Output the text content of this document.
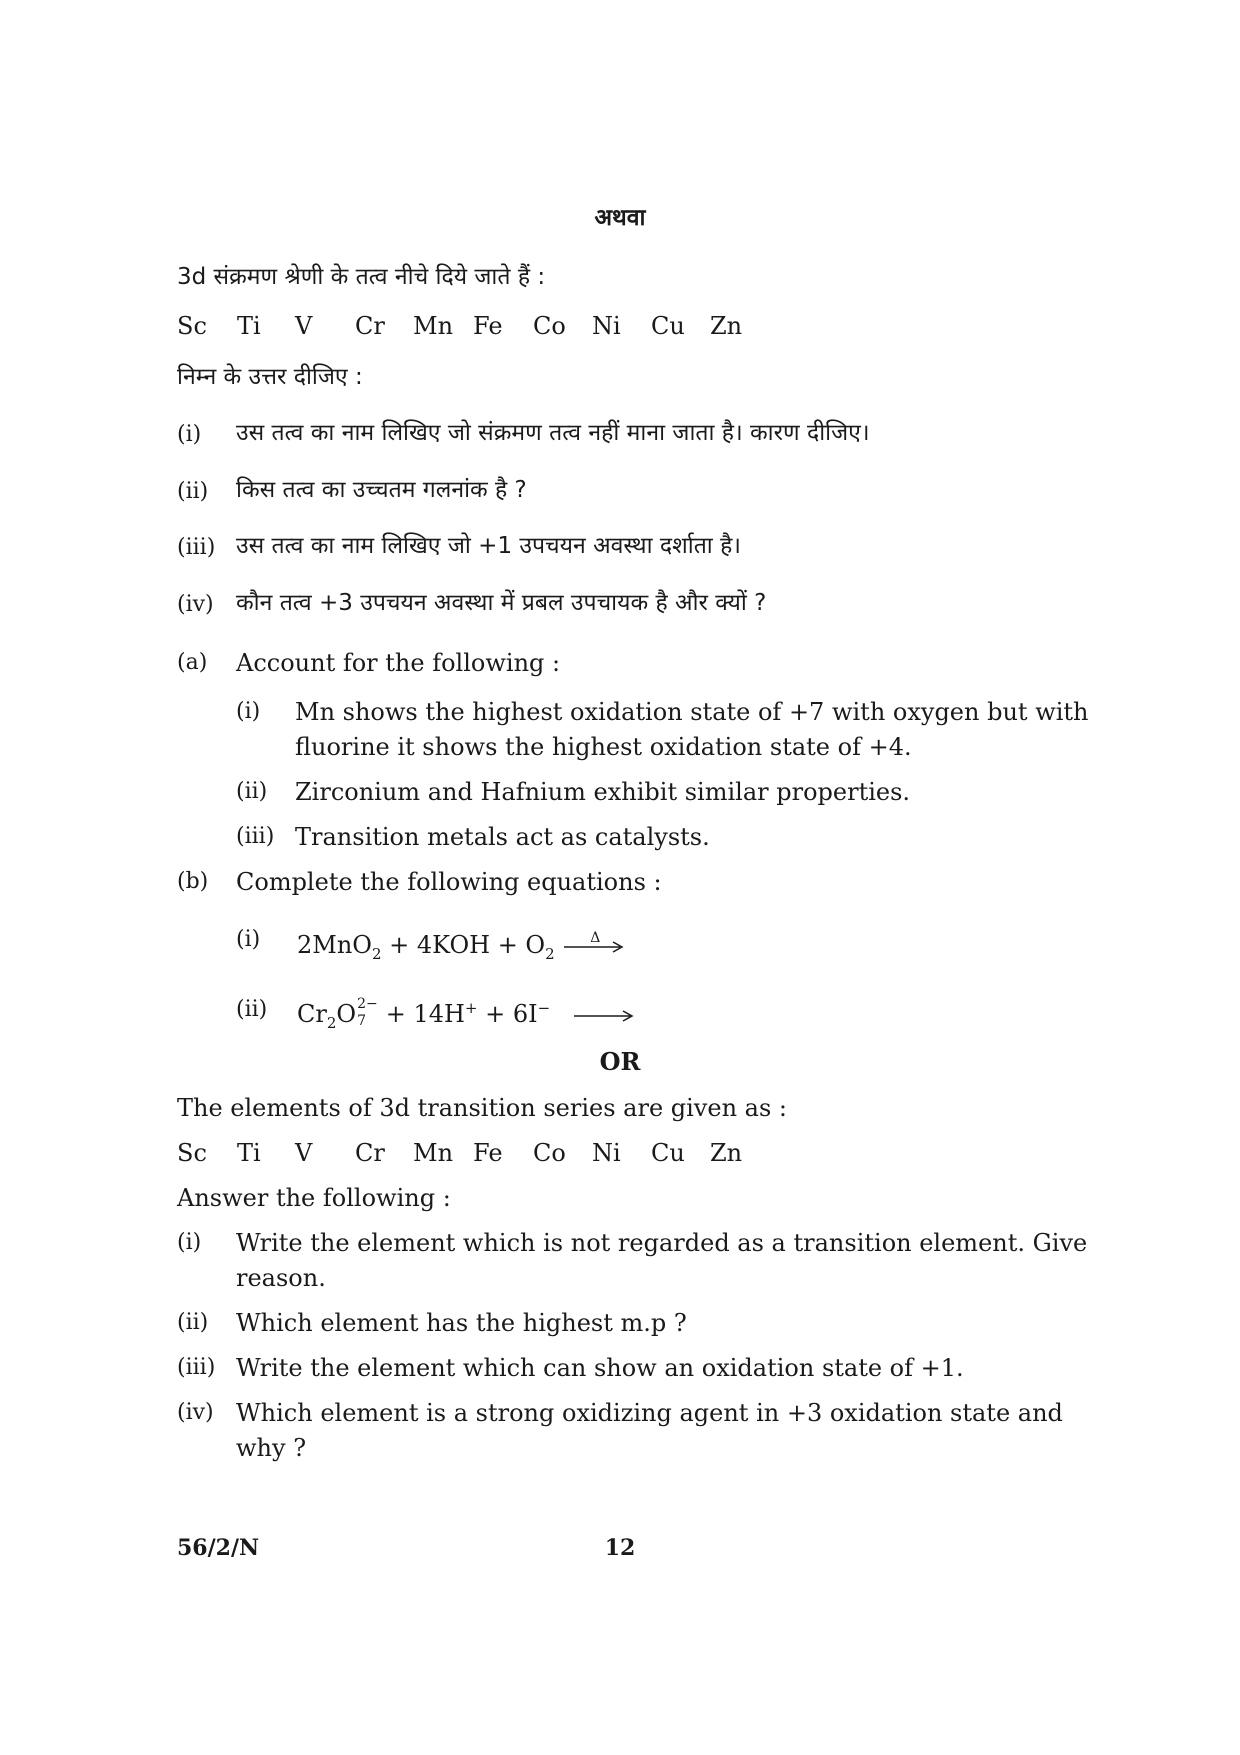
अथवा
3d संक्रमण श्रेणी के तत्व नीचे दिये जाते हैं :
Sc Ti V Cr Mn Fe Co Ni Cu Zn
निम्न के उत्तर दीजिए :
(i) उस तत्व का नाम लिखिए जो संक्रमण तत्व नहीं माना जाता है। कारण दीजिए।
(ii) किस तत्व का उच्चतम गलनांक है ?
(iii) उस तत्व का नाम लिखिए जो +1 उपचयन अवस्था दर्शाता है।
(iv) कौन तत्व +3 उपचयन अवस्था में प्रबल उपचायक है और क्यों ?
(a) Account for the following :
(i) Mn shows the highest oxidation state of +7 with oxygen but with
fluorine it shows the highest oxidation state of +4.
(ii) Zirconium and Hafnium exhibit similar properties.
(iii) Transition metals act as catalysts.
(b) Complete the following equations :
(i) $2MnO_2 + 4KOH + O_2$
Δ
(ii) $Cr_2O$ 2−
7 + 14H+ + 6I− →
OR
The elements of 3d transition series are given as :
Sc Ti V Cr Mn Fe Co Ni Cu Zn
Answer the following :
(i) Write the element which is not regarded as a transition element. Give
reason.
(ii) Which element has the highest m.p ?
(iii) Write the element which can show an oxidation state of +1.
(iv) Which element is a strong oxidizing agent in +3 oxidation state and
why ?
56/2/N	12
